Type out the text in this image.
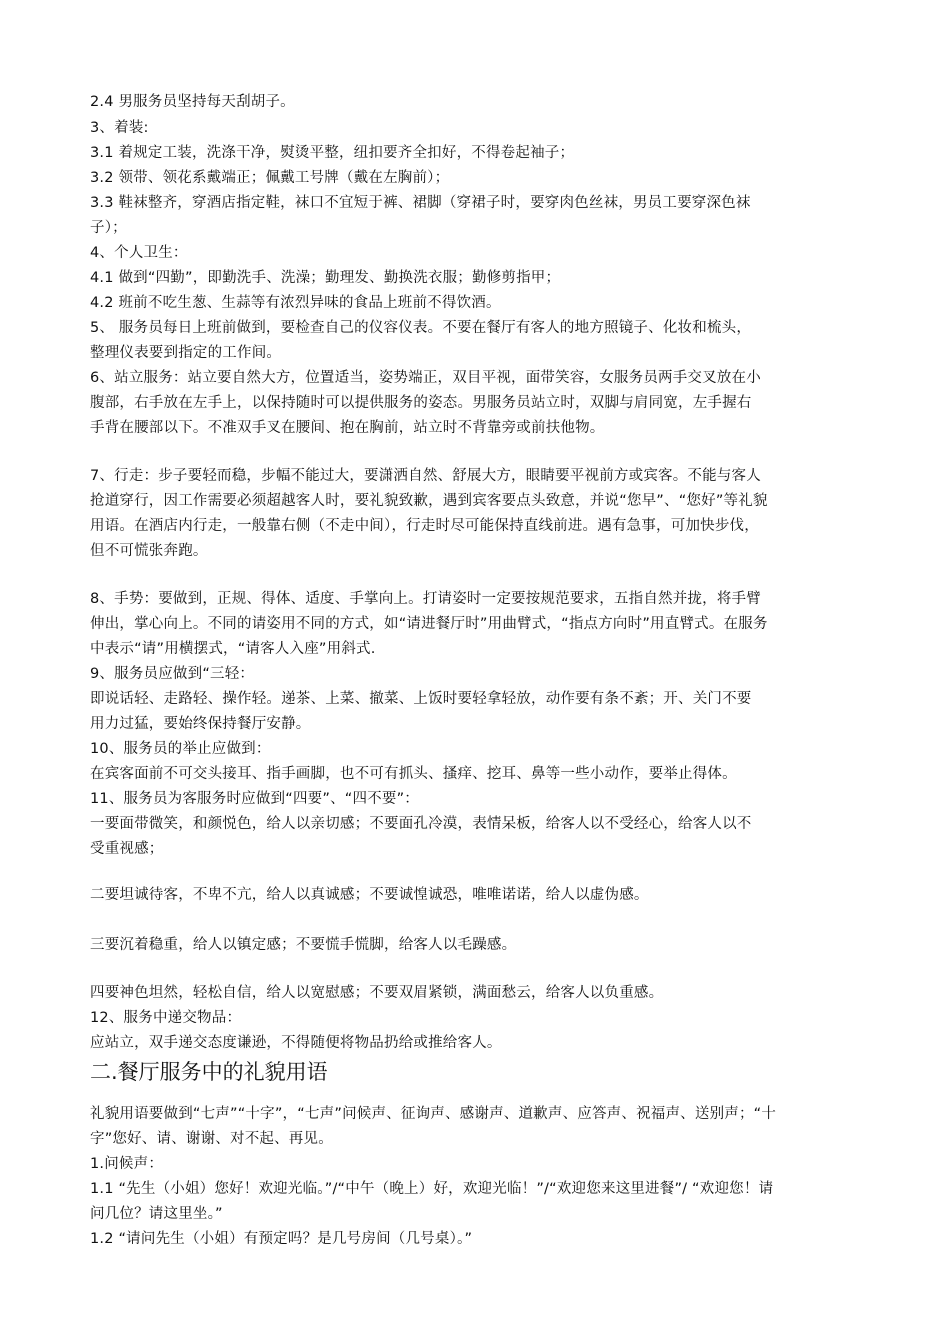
2.4 男服务员坚持每天刮胡子。

3、着装:

3.1 着规定工装，洗涤干净，熨烫平整，纽扣要齐全扣好，不得卷起袖子；

3.2 领带、领花系戴端正；佩戴工号牌（戴在左胸前）；

3.3 鞋袜整齐，穿酒店指定鞋，袜口不宜短于裤、裙脚（穿裙子时，要穿肉色丝袜，男员工要穿深色袜

子）；

4、个人卫生：

4.1 做到“四勤”，即勤洗手、洗澡；勤理发、勤换洗衣服；勤修剪指甲；

4.2 班前不吃生葱、生蒜等有浓烈异味的食品上班前不得饮酒。

5、 服务员每日上班前做到，要检查自己的仪容仪表。不要在餐厅有客人的地方照镜子、化妆和梳头，

整理仪表要到指定的工作间。

6、站立服务：站立要自然大方，位置适当，姿势端正，双目平视，面带笑容，女服务员两手交叉放在小

腹部，右手放在左手上，以保持随时可以提供服务的姿态。男服务员站立时，双脚与肩同宽，左手握右

手背在腰部以下。不准双手叉在腰间、抱在胸前，站立时不背靠旁或前扶他物。

7、行走：步子要轻而稳，步幅不能过大，要潇洒自然、舒展大方，眼睛要平视前方或宾客。不能与客人

抢道穿行，因工作需要必须超越客人时，要礼貌致歉，遇到宾客要点头致意，并说“您早”、“您好”等礼貌

用语。在酒店内行走，一般靠右侧（不走中间），行走时尽可能保持直线前进。遇有急事，可加快步伐，

但不可慌张奔跑。

8、手势：要做到，正规、得体、适度、手掌向上。打请姿时一定要按规范要求，五指自然并拢，将手臂

伸出，掌心向上。不同的请姿用不同的方式，如“请进餐厅时”用曲臂式，“指点方向时”用直臂式。在服务

中表示“请”用横摆式，“请客人入座”用斜式.

9、服务员应做到“三轻：

即说话轻、走路轻、操作轻。递茶、上菜、撤菜、上饭时要轻拿轻放，动作要有条不紊；开、关门不要

用力过猛，要始终保持餐厅安静。

10、服务员的举止应做到：

在宾客面前不可交头接耳、指手画脚，也不可有抓头、搔痒、挖耳、鼻等一些小动作，要举止得体。

11、服务员为客服务时应做到“四要”、“四不要”：

一要面带微笑，和颜悦色，给人以亲切感；不要面孔冷漠，表情呆板，给客人以不受经心，给客人以不

受重视感；

二要坦诚待客，不卑不亢，给人以真诚感；不要诚惶诚恐，唯唯诺诺，给人以虚伪感。

三要沉着稳重，给人以镇定感；不要慌手慌脚，给客人以毛躁感。

四要神色坦然，轻松自信，给人以宽慰感；不要双眉紧锁，满面愁云，给客人以负重感。

12、服务中递交物品：

应站立，双手递交态度谦逊，不得随便将物品扔给或推给客人。

二.餐厅服务中的礼貌用语

礼貌用语要做到“七声”“十字”，“七声”问候声、征询声、感谢声、道歉声、应答声、祝福声、送别声；“十

字”您好、请、谢谢、对不起、再见。

1.问候声：

1.1 “先生（小姐）您好！欢迎光临。”/“中午（晚上）好，欢迎光临！”/“欢迎您来这里进餐”/ “欢迎您！请

问几位？请这里坐。”

1.2 “请问先生（小姐）有预定吗？是几号房间（几号桌）。”
